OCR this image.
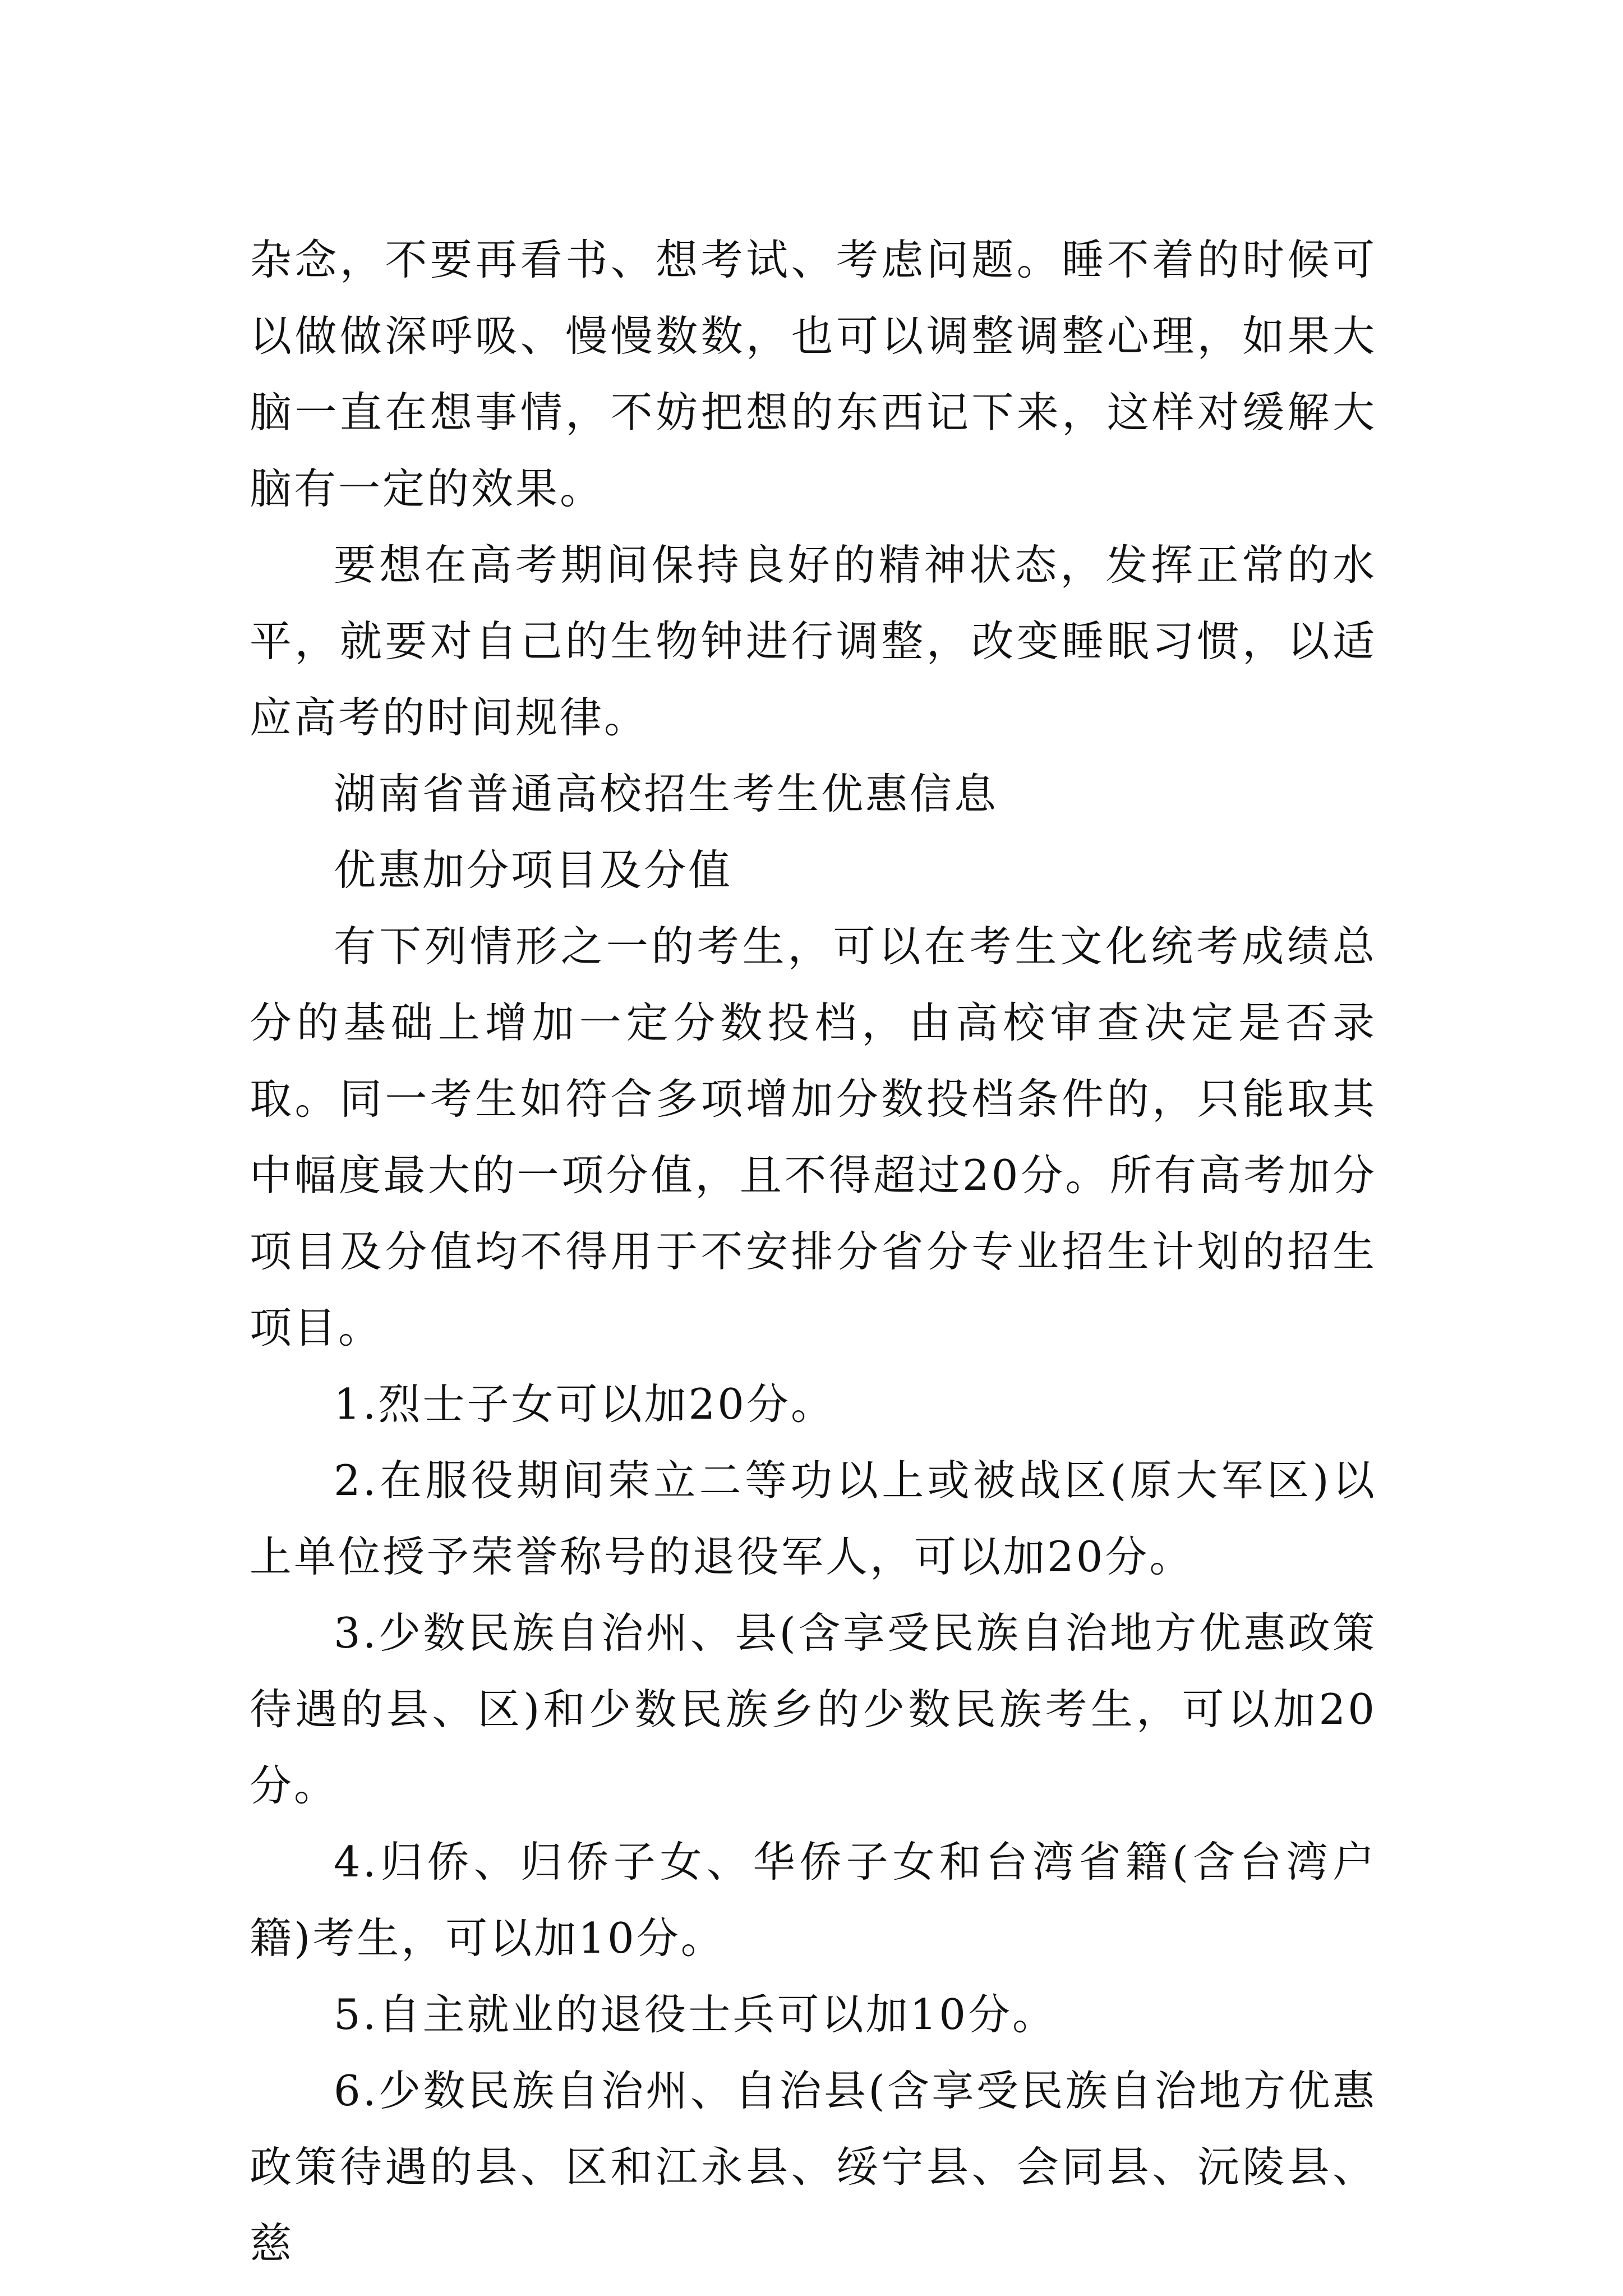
杂念，不要再看书、想考试、考虑问题。睡不着的时候可以做做深呼吸、慢慢数数，也可以调整调整心理，如果大脑一直在想事情，不妨把想的东西记下来，这样对缓解大脑有一定的效果。

要想在高考期间保持良好的精神状态，发挥正常的水平，就要对自己的生物钟进行调整，改变睡眠习惯，以适应高考的时间规律。

湖南省普通高校招生考生优惠信息

优惠加分项目及分值

有下列情形之一的考生，可以在考生文化统考成绩总分的基础上增加一定分数投档，由高校审查决定是否录取。同一考生如符合多项增加分数投档条件的，只能取其中幅度最大的一项分值，且不得超过20分。所有高考加分项目及分值均不得用于不安排分省分专业招生计划的招生项目。

1.烈士子女可以加20分。

2.在服役期间荣立二等功以上或被战区(原大军区)以上单位授予荣誉称号的退役军人，可以加20分。

3.少数民族自治州、县(含享受民族自治地方优惠政策待遇的县、区)和少数民族乡的少数民族考生，可以加20分。

4.归侨、归侨子女、华侨子女和台湾省籍(含台湾户籍)考生，可以加10分。

5.自主就业的退役士兵可以加10分。

6.少数民族自治州、自治县(含享受民族自治地方优惠政策待遇的县、区和江永县、绥宁县、会同县、沅陵县、慈
